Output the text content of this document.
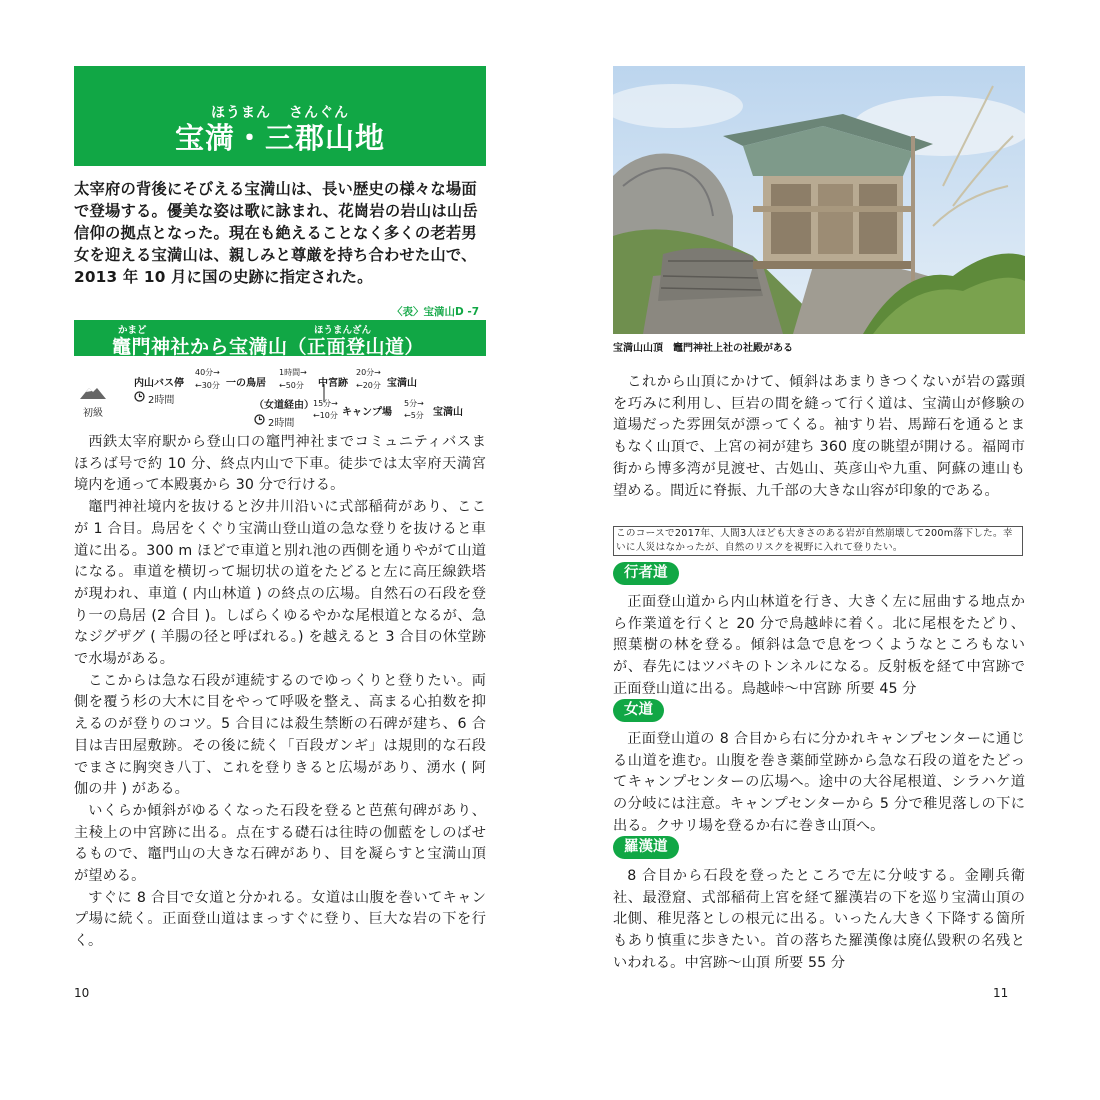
ほうまん さんぐん
宝満・三郡山地
太宰府の背後にそびえる宝満山は、長い歴史の様々な場面で登場する。優美な姿は歌に詠まれ、花崗岩の岩山は山岳信仰の拠点となった。現在も絶えることなく多くの老若男女を迎える宝満山は、親しみと尊厳を持ち合わせた山で、2013 年 10 月に国の史跡に指定された。
〈表〉宝満山D -7
かまど	ほうまんざん
竈門神社から宝満山（正面登山道）
初級
内山バス停
40分→
←30分 一の鳥居
1時間→
←50分 中宮跡
20分→
←20分 宝満山
2時間	（女道経由） 15分→
←10分 キャンプ場
5分→
←5分 宝満山
2時間

西鉄太宰府駅から登山口の竈門神社までコミュニティバスまほろば号で約 10 分、終点内山で下車。徒歩では太宰府天満宮境内を通って本殿裏から 30 分で行ける。

竈門神社境内を抜けると汐井川沿いに式部稲荷があり、ここが 1 合目。鳥居をくぐり宝満山登山道の急な登りを抜けると車道に出る。300 m ほどで車道と別れ池の西側を通りやがて山道になる。車道を横切って堀切状の道をたどると左に高圧線鉄塔が現われ、車道 ( 内山林道 ) の終点の広場。自然石の石段を登り一の鳥居 (2 合目 )。しばらくゆるやかな尾根道となるが、急なジグザグ ( 羊腸の径と呼ばれる。) を越えると 3 合目の休堂跡で水場がある。

ここからは急な石段が連続するのでゆっくりと登りたい。両側を覆う杉の大木に目をやって呼吸を整え、高まる心拍数を抑えるのが登りのコツ。5 合目には殺生禁断の石碑が建ち、6 合目は吉田屋敷跡。その後に続く「百段ガンギ」は規則的な石段でまさに胸突き八丁、これを登りきると広場があり、湧水 ( 阿伽の井 ) がある。

いくらか傾斜がゆるくなった石段を登ると芭蕉句碑があり、主稜上の中宮跡に出る。点在する礎石は往時の伽藍をしのばせるもので、竈門山の大きな石碑があり、目を凝らすと宝満山頂が望める。

すぐに 8 合目で女道と分かれる。女道は山腹を巻いてキャンプ場に続く。正面登山道はまっすぐに登り、巨大な岩の下を行く。

10
宝満山山頂　竈門神社上社の社殿がある

これから山頂にかけて、傾斜はあまりきつくないが岩の露頭を巧みに利用し、巨岩の間を縫って行く道は、宝満山が修験の道場だった雰囲気が漂ってくる。袖すり岩、馬蹄石を通るとまもなく山頂で、上宮の祠が建ち 360 度の眺望が開ける。福岡市街から博多湾が見渡せ、古処山、英彦山や九重、阿蘇の連山も望める。間近に脊振、九千部の大きな山容が印象的である。

このコースで2017年、人間3人ほども大きさのある岩が自然崩壊して200m落下した。幸いに人災はなかったが、自然のリスクを視野に入れて登りたい。
行者道

正面登山道から内山林道を行き、大きく左に屈曲する地点から作業道を行くと 20 分で鳥越峠に着く。北に尾根をたどり、照葉樹の林を登る。傾斜は急で息をつくようなところもないが、春先にはツバキのトンネルになる。反射板を経て中宮跡で正面登山道に出る。鳥越峠～中宮跡 所要 45 分

女道

正面登山道の 8 合目から右に分かれキャンプセンターに通じる山道を進む。山腹を巻き薬師堂跡から急な石段の道をたどってキャンプセンターの広場へ。途中の大谷尾根道、シラハケ道の分岐には注意。キャンプセンターから 5 分で稚児落しの下に出る。クサリ場を登るか右に巻き山頂へ。

羅漢道

8 合目から石段を登ったところで左に分岐する。金剛兵衛社、最澄窟、式部稲荷上宮を経て羅漢岩の下を巡り宝満山頂の北側、稚児落としの根元に出る。いったん大きく下降する箇所もあり慎重に歩きたい。首の落ちた羅漢像は廃仏毀釈の名残といわれる。中宮跡～山頂 所要 55 分

11
